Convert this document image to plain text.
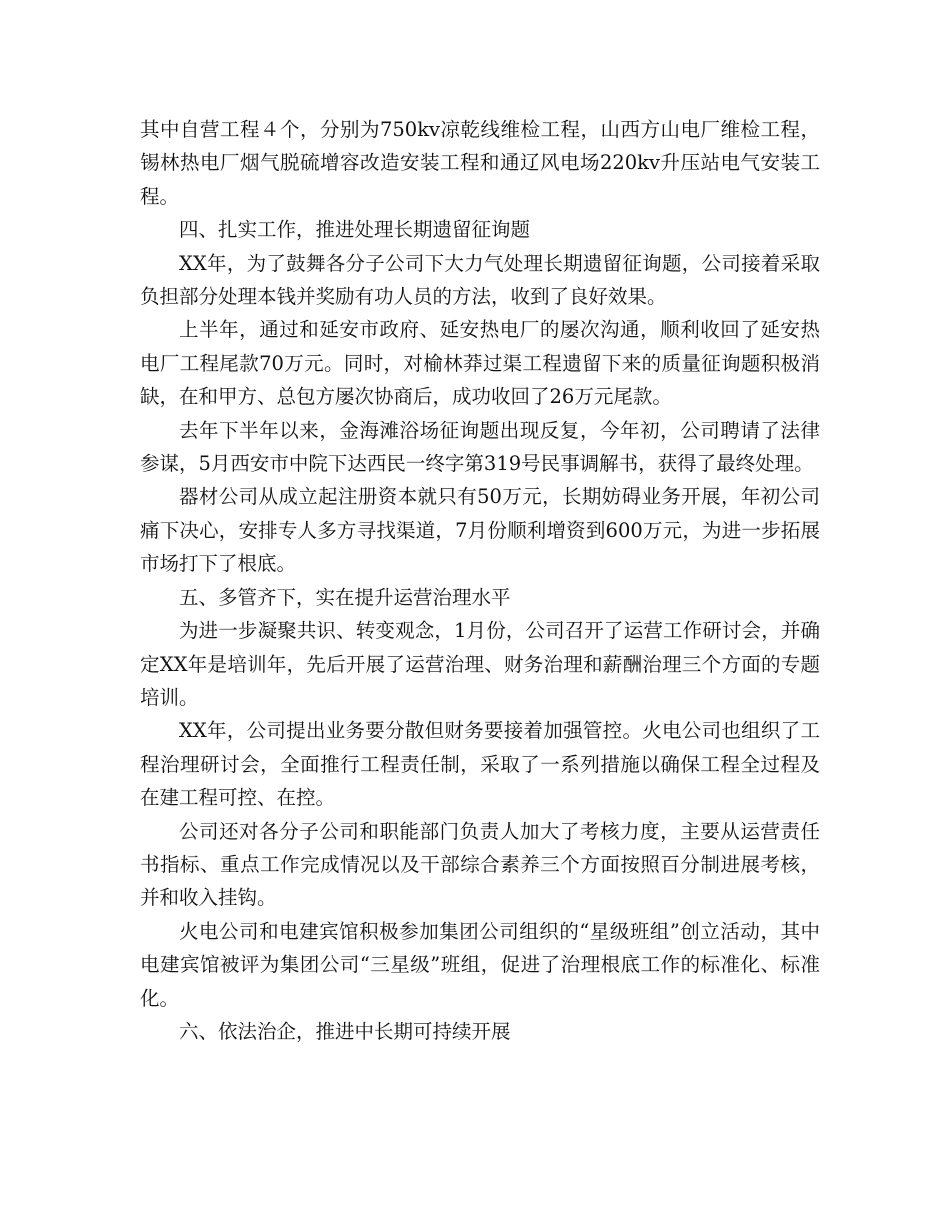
其中自营工程４个，分别为750kv凉乾线维检工程，山西方山电厂维检工程，锡林热电厂烟气脱硫增容改造安装工程和通辽风电场220kv升压站电气安装工程。

四、扎实工作，推进处理长期遗留征询题

XX年，为了鼓舞各分子公司下大力气处理长期遗留征询题，公司接着采取负担部分处理本钱并奖励有功人员的方法，收到了良好效果。

上半年，通过和延安市政府、延安热电厂的屡次沟通，顺利收回了延安热电厂工程尾款70万元。同时，对榆林莽过渠工程遗留下来的质量征询题积极消缺，在和甲方、总包方屡次协商后，成功收回了26万元尾款。

去年下半年以来，金海滩浴场征询题出现反复，今年初，公司聘请了法律参谋，5月西安市中院下达西民一终字第319号民事调解书，获得了最终处理。

器材公司从成立起注册资本就只有50万元，长期妨碍业务开展，年初公司痛下决心，安排专人多方寻找渠道，7月份顺利增资到600万元，为进一步拓展市场打下了根底。

五、多管齐下，实在提升运营治理水平

为进一步凝聚共识、转变观念，1月份，公司召开了运营工作研讨会，并确定XX年是培训年，先后开展了运营治理、财务治理和薪酬治理三个方面的专题培训。

XX年，公司提出业务要分散但财务要接着加强管控。火电公司也组织了工程治理研讨会，全面推行工程责任制，采取了一系列措施以确保工程全过程及在建工程可控、在控。

公司还对各分子公司和职能部门负责人加大了考核力度，主要从运营责任书指标、重点工作完成情况以及干部综合素养三个方面按照百分制进展考核，并和收入挂钩。

火电公司和电建宾馆积极参加集团公司组织的“星级班组”创立活动，其中电建宾馆被评为集团公司“三星级”班组，促进了治理根底工作的标准化、标准化。

六、依法治企，推进中长期可持续开展
